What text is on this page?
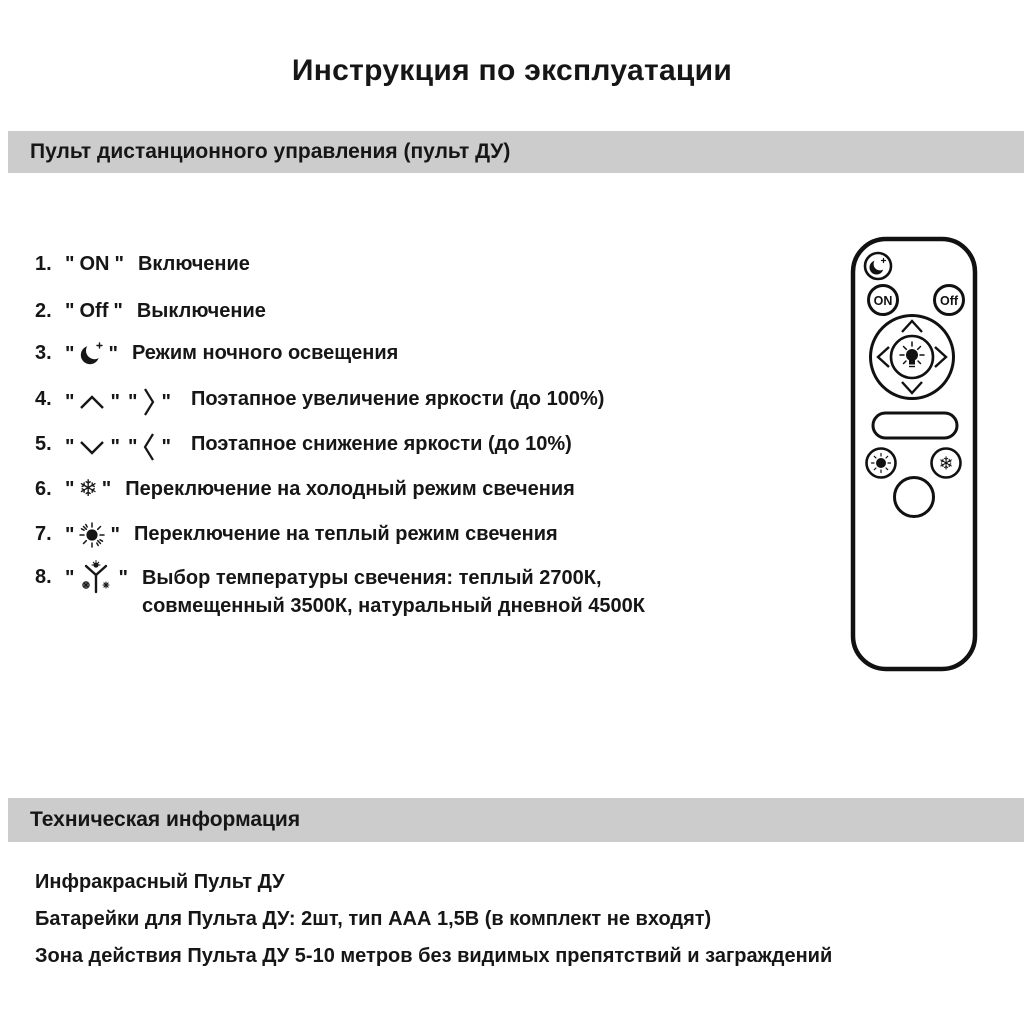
Инструкция по эксплуатации
Пульт дистанционного управления (пульт ДУ)
1. " ON " Включение
2. " Off " Выключение
3. " " Режим ночного освещения
4. " " " " Поэтапное увеличение яркости (до 100%)
5. " " " " Поэтапное снижение яркости (до 10%)
6. " ❄ " Переключение на холодный режим свечения
7. " " Переключение на теплый режим свечения
8. " " Выбор температуры свечения: теплый 2700К,
совмещенный 3500К, натуральный дневной 4500К
ON	Off
❄
Техническая информация
Инфракрасный Пульт ДУ
Батарейки для Пульта ДУ: 2шт, тип ААА 1,5В (в комплект не входят)
Зона действия Пульта ДУ 5-10 метров без видимых препятствий и заграждений
